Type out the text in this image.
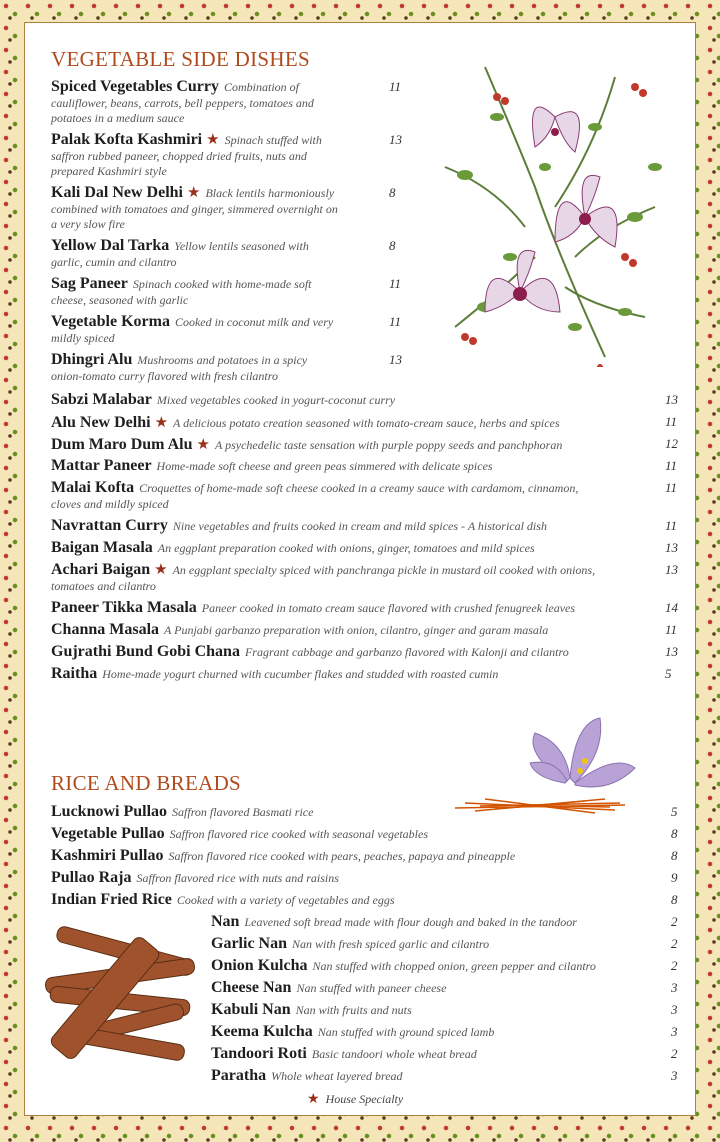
VEGETABLE SIDE DISHES
Spiced Vegetables Curry Combination of cauliflower, beans, carrots, bell peppers, tomatoes and potatoes in a medium sauce
11
Palak Kofta Kashmiri ★ Spinach stuffed with saffron rubbed paneer, chopped dried fruits, nuts and prepared Kashmiri style
13
Kali Dal New Delhi ★ Black lentils harmoniously combined with tomatoes and ginger, simmered overnight on a very slow fire
8
Yellow Dal Tarka Yellow lentils seasoned with garlic, cumin and cilantro
8
Sag Paneer Spinach cooked with home-made soft cheese, seasoned with garlic
11
Vegetable Korma Cooked in coconut milk and very mildly spiced
11
Dhingri Alu Mushrooms and potatoes in a spicy onion-tomato curry flavored with fresh cilantro
13
Sabzi Malabar Mixed vegetables cooked in yogurt-coconut curry	13
Alu New Delhi ★ A delicious potato creation seasoned with tomato-cream sauce, herbs and spices	11
Dum Maro Dum Alu ★ A psychedelic taste sensation with purple poppy seeds and panchphoran	12
Mattar Paneer Home-made soft cheese and green peas simmered with delicate spices	11
Malai Kofta Croquettes of home-made soft cheese cooked in a creamy sauce with cardamom, cinnamon, cloves and mildly spiced
11
Navrattan Curry Nine vegetables and fruits cooked in cream and mild spices - A historical dish	11
Baigan Masala An eggplant preparation cooked with onions, ginger, tomatoes and mild spices	13
Achari Baigan ★ An eggplant specialty spiced with panchranga pickle in mustard oil cooked with onions, tomatoes and cilantro
13
Paneer Tikka Masala Paneer cooked in tomato cream sauce flavored with crushed fenugreek leaves	14
Channa Masala A Punjabi garbanzo preparation with onion, cilantro, ginger and garam masala	11
Gujrathi Bund Gobi Chana Fragrant cabbage and garbanzo flavored with Kalonji and cilantro	13
Raitha Home-made yogurt churned with cucumber flakes and studded with roasted cumin	5
RICE AND BREADS
Lucknowi Pullao Saffron flavored Basmati rice	5
Vegetable Pullao Saffron flavored rice cooked with seasonal vegetables	8
Kashmiri Pullao Saffron flavored rice cooked with pears, peaches, papaya and pineapple	8
Pullao Raja Saffron flavored rice with nuts and raisins	9
Indian Fried Rice Cooked with a variety of vegetables and eggs	8
Nan Leavened soft bread made with flour dough and baked in the tandoor	2
Garlic Nan Nan with fresh spiced garlic and cilantro	2
Onion Kulcha Nan stuffed with chopped onion, green pepper and cilantro	2
Cheese Nan Nan stuffed with paneer cheese	3
Kabuli Nan Nan with fruits and nuts	3
Keema Kulcha Nan stuffed with ground spiced lamb	3
Tandoori Roti Basic tandoori whole wheat bread	2
Paratha Whole wheat layered bread	3
★ House Specialty
